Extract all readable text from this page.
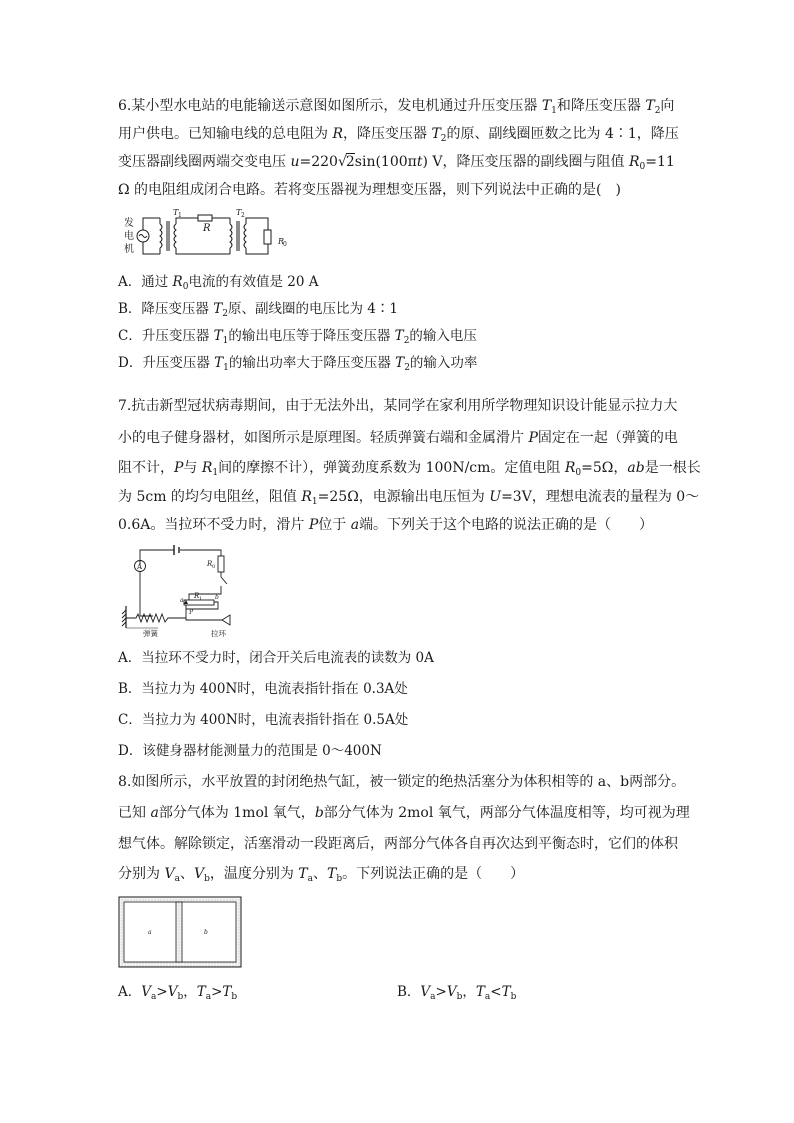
6.某小型水电站的电能输送示意图如图所示，发电机通过升压变压器 $T_1$和降压变压器 $T_2$向
用户供电。已知输电线的总电阻为 R，降压变压器 $T_2$的原、副线圈匝数之比为 4∶1，降压
变压器副线圈两端交变电压 u=220√2sin(100πt) V，降压变压器的副线圈与阻值 $R_0=11$
Ω 的电阻组成闭合电路。若将变压器视为理想变压器，则下列说法中正确的是(　)
发
电
机
T 1
R
T 2
R
0
A．通过 $R_0$电流的有效值是 20 A
B．降压变压器 $T_2$原、副线圈的电压比为 4∶1
C．升压变压器 $T_1$的输出电压等于降压变压器 $T_2$的输入电压
D．升压变压器 $T_1$的输出功率大于降压变压器 $T_2$的输入功率
7.抗击新型冠状病毒期间，由于无法外出，某同学在家利用所学物理知识设计能显示拉力大
小的电子健身器材，如图所示是原理图。轻质弹簧右端和金属滑片 P固定在一起（弹簧的电
阻不计，P与 $R_1$间的摩擦不计），弹簧劲度系数为 100N/cm。定值电阻 $R_0=5\Omega$，ab是一根长
为 5cm 的均匀电阻丝，阻值 $R_1=25\Omega$，电源输出电压恒为 U=3V，理想电流表的量程为 0～
0.6A。当拉环不受力时，滑片 P位于 a端。下列关于这个电路的说法正确的是（　　）
A	R 0
R 1
a	b
P
弹簧	拉环
A．当拉环不受力时，闭合开关后电流表的读数为 0A
B．当拉力为 400N时，电流表指针指在 0.3A处
C．当拉力为 400N时，电流表指针指在 0.5A处
D．该健身器材能测量力的范围是 0～400N
8.如图所示，水平放置的封闭绝热气缸，被一锁定的绝热活塞分为体积相等的 a、b两部分。
已知 a部分气体为 1mol 氧气，b部分气体为 2mol 氧气，两部分气体温度相等，均可视为理
想气体。解除锁定，活塞滑动一段距离后，两部分气体各自再次达到平衡态时，它们的体积
分别为 $V_a$、$V_b$，温度分别为 $T_a$、$T_b$。下列说法正确的是（　　）
a	b
A．$V_a>V_b$，$T_a>T_b$	B．$V_a>V_b$，$T_a<T_b$
